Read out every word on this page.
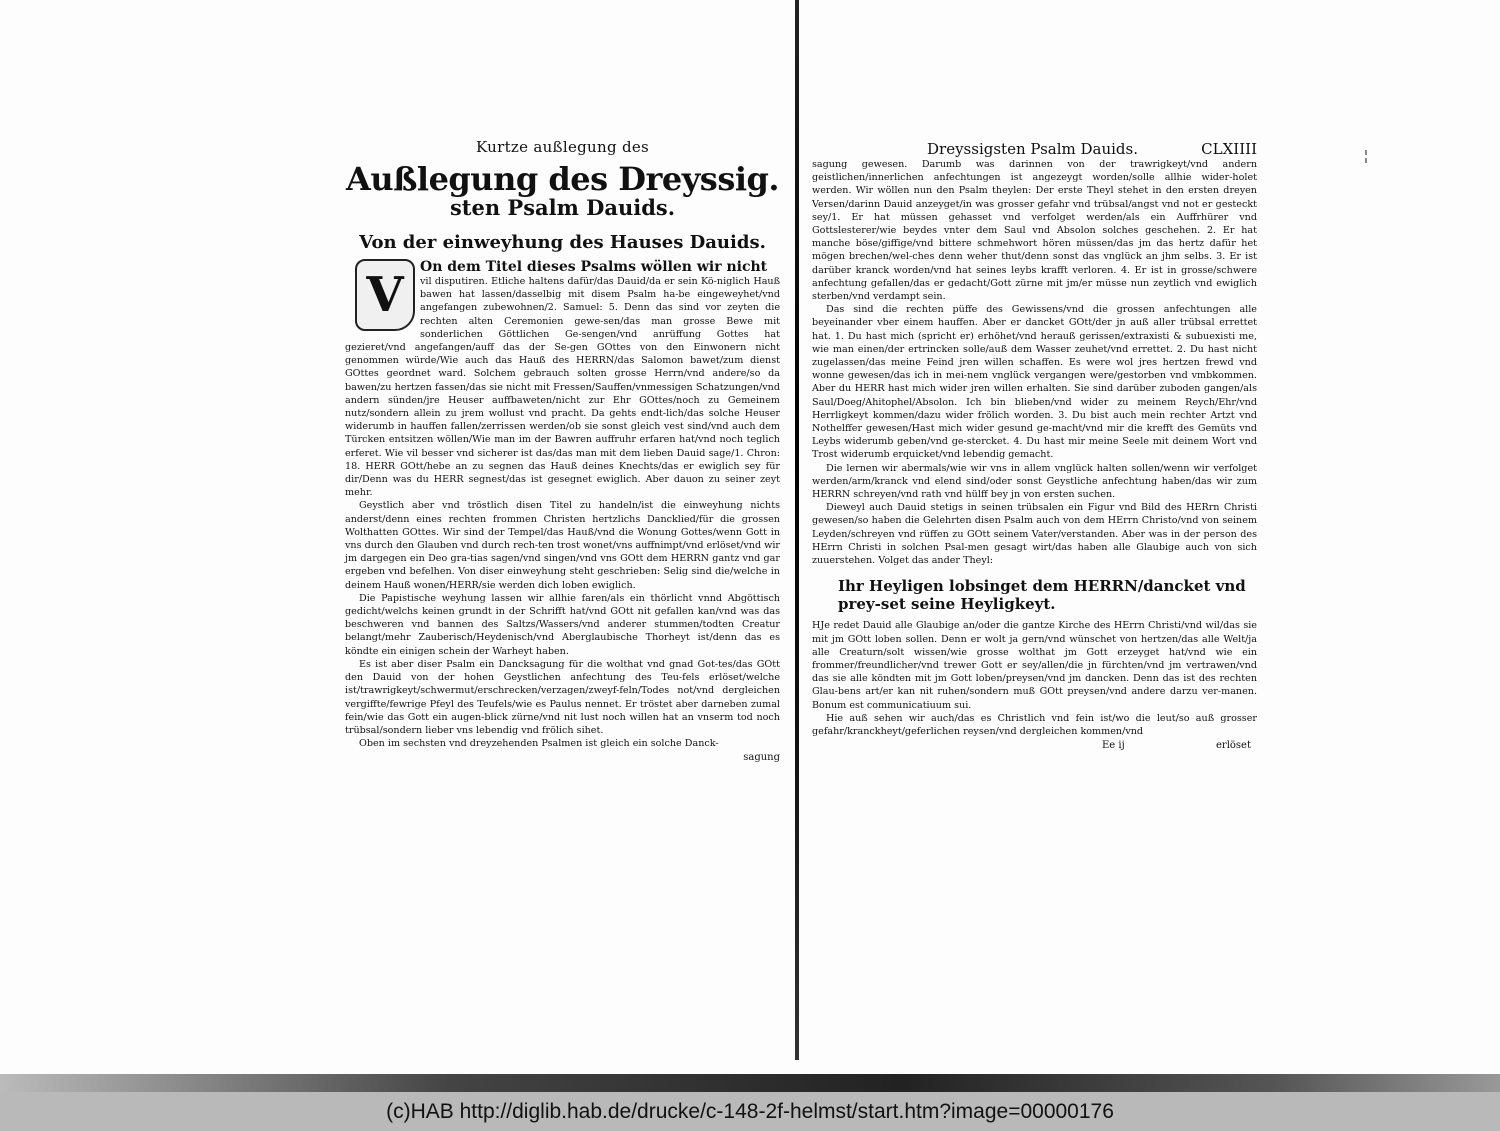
Kurtze außlegung des
Außlegung des Dreyssig.
sten Psalm Dauids.
Von der einweyhung des Hauses Dauids.
V	On dem Titel dieses Psalms wöllen wir nicht

vil disputiren. Etliche haltens dafür/das Dauid/da er sein Kö-niglich Hauß bawen hat lassen/dasselbig mit disem Psalm ha-be eingeweyhet/vnd angefangen zubewohnen/2. Samuel: 5. Denn das sind vor zeyten die rechten alten Ceremonien gewe-sen/das man grosse Bewe mit sonderlichen Göttlichen Ge-sengen/vnd anrüffung Gottes hat gezieret/vnd angefangen/auff das der Se-gen GOttes von den Einwonern nicht genommen würde/Wie auch das Hauß des HERRN/das Salomon bawet/zum dienst GOttes geordnet ward. Solchem gebrauch solten grosse Herrn/vnd andere/so da bawen/zu hertzen fassen/das sie nicht mit Fressen/Sauffen/vnmessigen Schatzungen/vnd andern sünden/jre Heuser auffbaweten/nicht zur Ehr GOttes/noch zu Gemeinem nutz/sondern allein zu jrem wollust vnd pracht. Da gehts endt-lich/das solche Heuser widerumb in hauffen fallen/zerrissen werden/ob sie sonst gleich vest sind/vnd auch dem Türcken entsitzen wöllen/Wie man im der Bawren auffruhr erfaren hat/vnd noch teglich erferet. Wie vil besser vnd sicherer ist das/das man mit dem lieben Dauid sage/1. Chron: 18. HERR GOtt/hebe an zu segnen das Hauß deines Knechts/das er ewiglich sey für dir/Denn was du HERR segnest/das ist gesegnet ewiglich. Aber dauon zu seiner zeyt mehr.

Geystlich aber vnd tröstlich disen Titel zu handeln/ist die einweyhung nichts anderst/denn eines rechten frommen Christen hertzlichs Dancklied/für die grossen Wolthatten GOttes. Wir sind der Tempel/das Hauß/vnd die Wonung Gottes/wenn Gott in vns durch den Glauben vnd durch rech-ten trost wonet/vns auffnimpt/vnd erlöset/vnd wir jm dargegen ein Deo gra-tias sagen/vnd singen/vnd vns GOtt dem HERRN gantz vnd gar ergeben vnd befelhen. Von diser einweyhung steht geschrieben: Selig sind die/welche in deinem Hauß wonen/HERR/sie werden dich loben ewiglich.

Die Papistische weyhung lassen wir allhie faren/als ein thörlicht vnnd Abgöttisch gedicht/welchs keinen grundt in der Schrifft hat/vnd GOtt nit gefallen kan/vnd was das beschweren vnd bannen des Saltzs/Wassers/vnd anderer stummen/todten Creatur belangt/mehr Zauberisch/Heydenisch/vnd Aberglaubische Thorheyt ist/denn das es köndte ein einigen schein der Warheyt haben.

Es ist aber diser Psalm ein Dancksagung für die wolthat vnd gnad Got-tes/das GOtt den Dauid von der hohen Geystlichen anfechtung des Teu-fels erlöset/welche ist/trawrigkeyt/schwermut/erschrecken/verzagen/zweyf-feln/Todes not/vnd dergleichen vergiffte/fewrige Pfeyl des Teufels/wie es Paulus nennet. Er tröstet aber darneben zumal fein/wie das Gott ein augen-blick zürne/vnd nit lust noch willen hat an vnserm tod noch trübsal/sondern lieber vns lebendig vnd frölich sihet.

Oben im sechsten vnd dreyzehenden Psalmen ist gleich ein solche Danck-

sagung
Dreyssigsten Psalm Dauids.	CLXIIII

sagung gewesen. Darumb was darinnen von der trawrigkeyt/vnd andern geistlichen/innerlichen anfechtungen ist angezeygt worden/solle allhie wider-holet werden. Wir wöllen nun den Psalm theylen: Der erste Theyl stehet in den ersten dreyen Versen/darinn Dauid anzeyget/in was grosser gefahr vnd trübsal/angst vnd not er gesteckt sey/1. Er hat müssen gehasset vnd verfolget werden/als ein Auffrhürer vnd Gottslesterer/wie beydes vnter dem Saul vnd Absolon solches geschehen. 2. Er hat manche böse/giffige/vnd bittere schmehwort hören müssen/das jm das hertz dafür het mögen brechen/wel-ches denn weher thut/denn sonst das vnglück an jhm selbs. 3. Er ist darüber kranck worden/vnd hat seines leybs krafft verloren. 4. Er ist in grosse/schwere anfechtung gefallen/das er gedacht/Gott zürne mit jm/er müsse nun zeytlich vnd ewiglich sterben/vnd verdampt sein.

Das sind die rechten püffe des Gewissens/vnd die grossen anfechtungen alle beyeinander vber einem hauffen. Aber er dancket GOtt/der jn auß aller trübsal errettet hat. 1. Du hast mich (spricht er) erhöhet/vnd herauß gerissen/extraxisti & subuexisti me, wie man einen/der ertrincken solle/auß dem Wasser zeuhet/vnd errettet. 2. Du hast nicht zugelassen/das meine Feind jren willen schaffen. Es were wol jres hertzen frewd vnd wonne gewesen/das ich in mei-nem vnglück vergangen were/gestorben vnd vmbkommen. Aber du HERR hast mich wider jren willen erhalten. Sie sind darüber zuboden gangen/als Saul/Doeg/Ahitophel/Absolon. Ich bin blieben/vnd wider zu meinem Reych/Ehr/vnd Herrligkeyt kommen/dazu wider frölich worden. 3. Du bist auch mein rechter Artzt vnd Nothelffer gewesen/Hast mich wider gesund ge-macht/vnd mir die krefft des Gemüts vnd Leybs widerumb geben/vnd ge-stercket. 4. Du hast mir meine Seele mit deinem Wort vnd Trost widerumb erquicket/vnd lebendig gemacht.

Die lernen wir abermals/wie wir vns in allem vnglück halten sollen/wenn wir verfolget werden/arm/kranck vnd elend sind/oder sonst Geystliche anfechtung haben/das wir zum HERRN schreyen/vnd rath vnd hülff bey jn von ersten suchen.

Dieweyl auch Dauid stetigs in seinen trübsalen ein Figur vnd Bild des HERrn Christi gewesen/so haben die Gelehrten disen Psalm auch von dem HErrn Christo/vnd von seinem Leyden/schreyen vnd rüffen zu GOtt seinem Vater/verstanden. Aber was in der person des HErrn Christi in solchen Psal-men gesagt wirt/das haben alle Glaubige auch von sich zuuerstehen. Volget das ander Theyl:

Ihr Heyligen lobsinget dem HERRN/dancket vnd prey-set seine Heyligkeyt.

HJe redet Dauid alle Glaubige an/oder die gantze Kirche des HErrn Christi/vnd wil/das sie mit jm GOtt loben sollen. Denn er wolt ja gern/vnd wünschet von hertzen/das alle Welt/ja alle Creaturn/solt wissen/wie grosse wolthat jm Gott erzeyget hat/vnd wie ein frommer/freundlicher/vnd trewer Gott er sey/allen/die jn fürchten/vnd jm vertrawen/vnd das sie alle köndten mit jm Gott loben/preysen/vnd jm dancken. Denn das ist des rechten Glau-bens art/er kan nit ruhen/sondern muß GOtt preysen/vnd andere darzu ver-manen. Bonum est communicatiuum sui.

Hie auß sehen wir auch/das es Christlich vnd fein ist/wo die leut/so auß grosser gefahr/kranckheyt/geferlichen reysen/vnd dergleichen kommen/vnd

Ee ij	erlöset
(c)HAB http://diglib.hab.de/drucke/c-148-2f-helmst/start.htm?image=00000176
